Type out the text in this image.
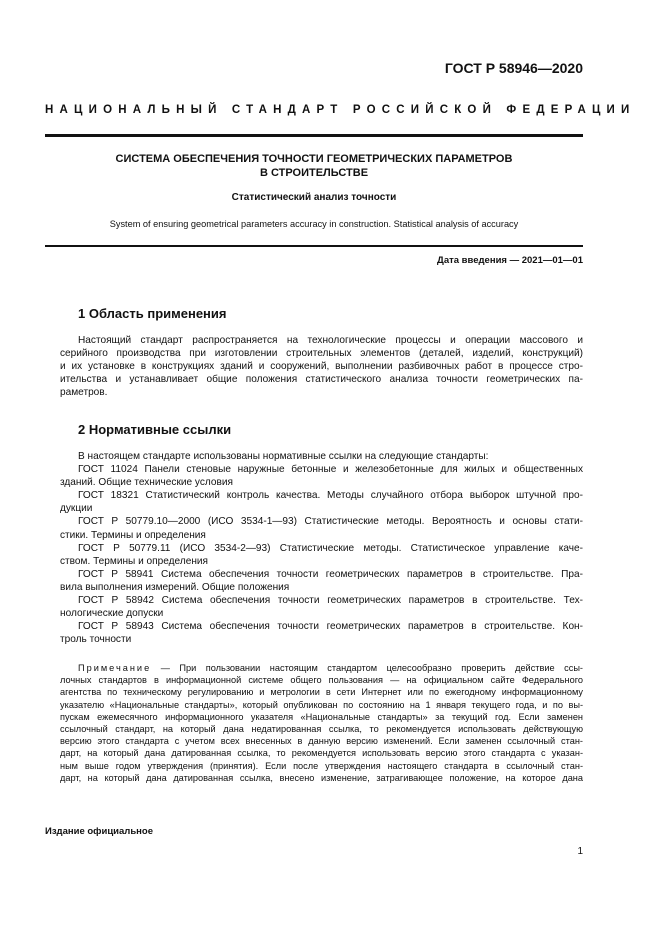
ГОСТ Р 58946—2020
НАЦИОНАЛЬНЫЙ СТАНДАРТ РОССИЙСКОЙ ФЕДЕРАЦИИ
СИСТЕМА ОБЕСПЕЧЕНИЯ ТОЧНОСТИ ГЕОМЕТРИЧЕСКИХ ПАРАМЕТРОВ
В СТРОИТЕЛЬСТВЕ
Статистический анализ точности
System of ensuring geometrical parameters accuracy in construction. Statistical analysis of accuracy
Дата введения — 2021—01—01
1 Область применения
Настоящий стандарт распространяется на технологические процессы и операции массового и
серийного производства при изготовлении строительных элементов (деталей, изделий, конструкций)
и их установке в конструкциях зданий и сооружений, выполнении разбивочных работ в процессе стро-
ительства и устанавливает общие положения статистического анализа точности геометрических па-
раметров.
2 Нормативные ссылки
В настоящем стандарте использованы нормативные ссылки на следующие стандарты:
ГОСТ 11024 Панели стеновые наружные бетонные и железобетонные для жилых и общественных
зданий. Общие технические условия
ГОСТ 18321 Статистический контроль качества. Методы случайного отбора выборок штучной про-
дукции
ГОСТ Р 50779.10—2000 (ИСО 3534-1—93) Статистические методы. Вероятность и основы стати-
стики. Термины и определения
ГОСТ Р 50779.11 (ИСО 3534-2—93) Статистические методы. Статистическое управление каче-
ством. Термины и определения
ГОСТ Р 58941 Система обеспечения точности геометрических параметров в строительстве. Пра-
вила выполнения измерений. Общие положения
ГОСТ Р 58942 Система обеспечения точности геометрических параметров в строительстве. Тех-
нологические допуски
ГОСТ Р 58943 Система обеспечения точности геометрических параметров в строительстве. Кон-
троль точности
Примечание — При пользовании настоящим стандартом целесообразно проверить действие ссы-
лочных стандартов в информационной системе общего пользования — на официальном сайте Федерального
агентства по техническому регулированию и метрологии в сети Интернет или по ежегодному информационному
указателю «Национальные стандарты», который опубликован по состоянию на 1 января текущего года, и по вы-
пускам ежемесячного информационного указателя «Национальные стандарты» за текущий год. Если заменен
ссылочный стандарт, на который дана недатированная ссылка, то рекомендуется использовать действующую
версию этого стандарта с учетом всех внесенных в данную версию изменений. Если заменен ссылочный стан-
дарт, на который дана датированная ссылка, то рекомендуется использовать версию этого стандарта с указан-
ным выше годом утверждения (принятия). Если после утверждения настоящего стандарта в ссылочный стан-
дарт, на который дана датированная ссылка, внесено изменение, затрагивающее положение, на которое дана
Издание официальное
1
